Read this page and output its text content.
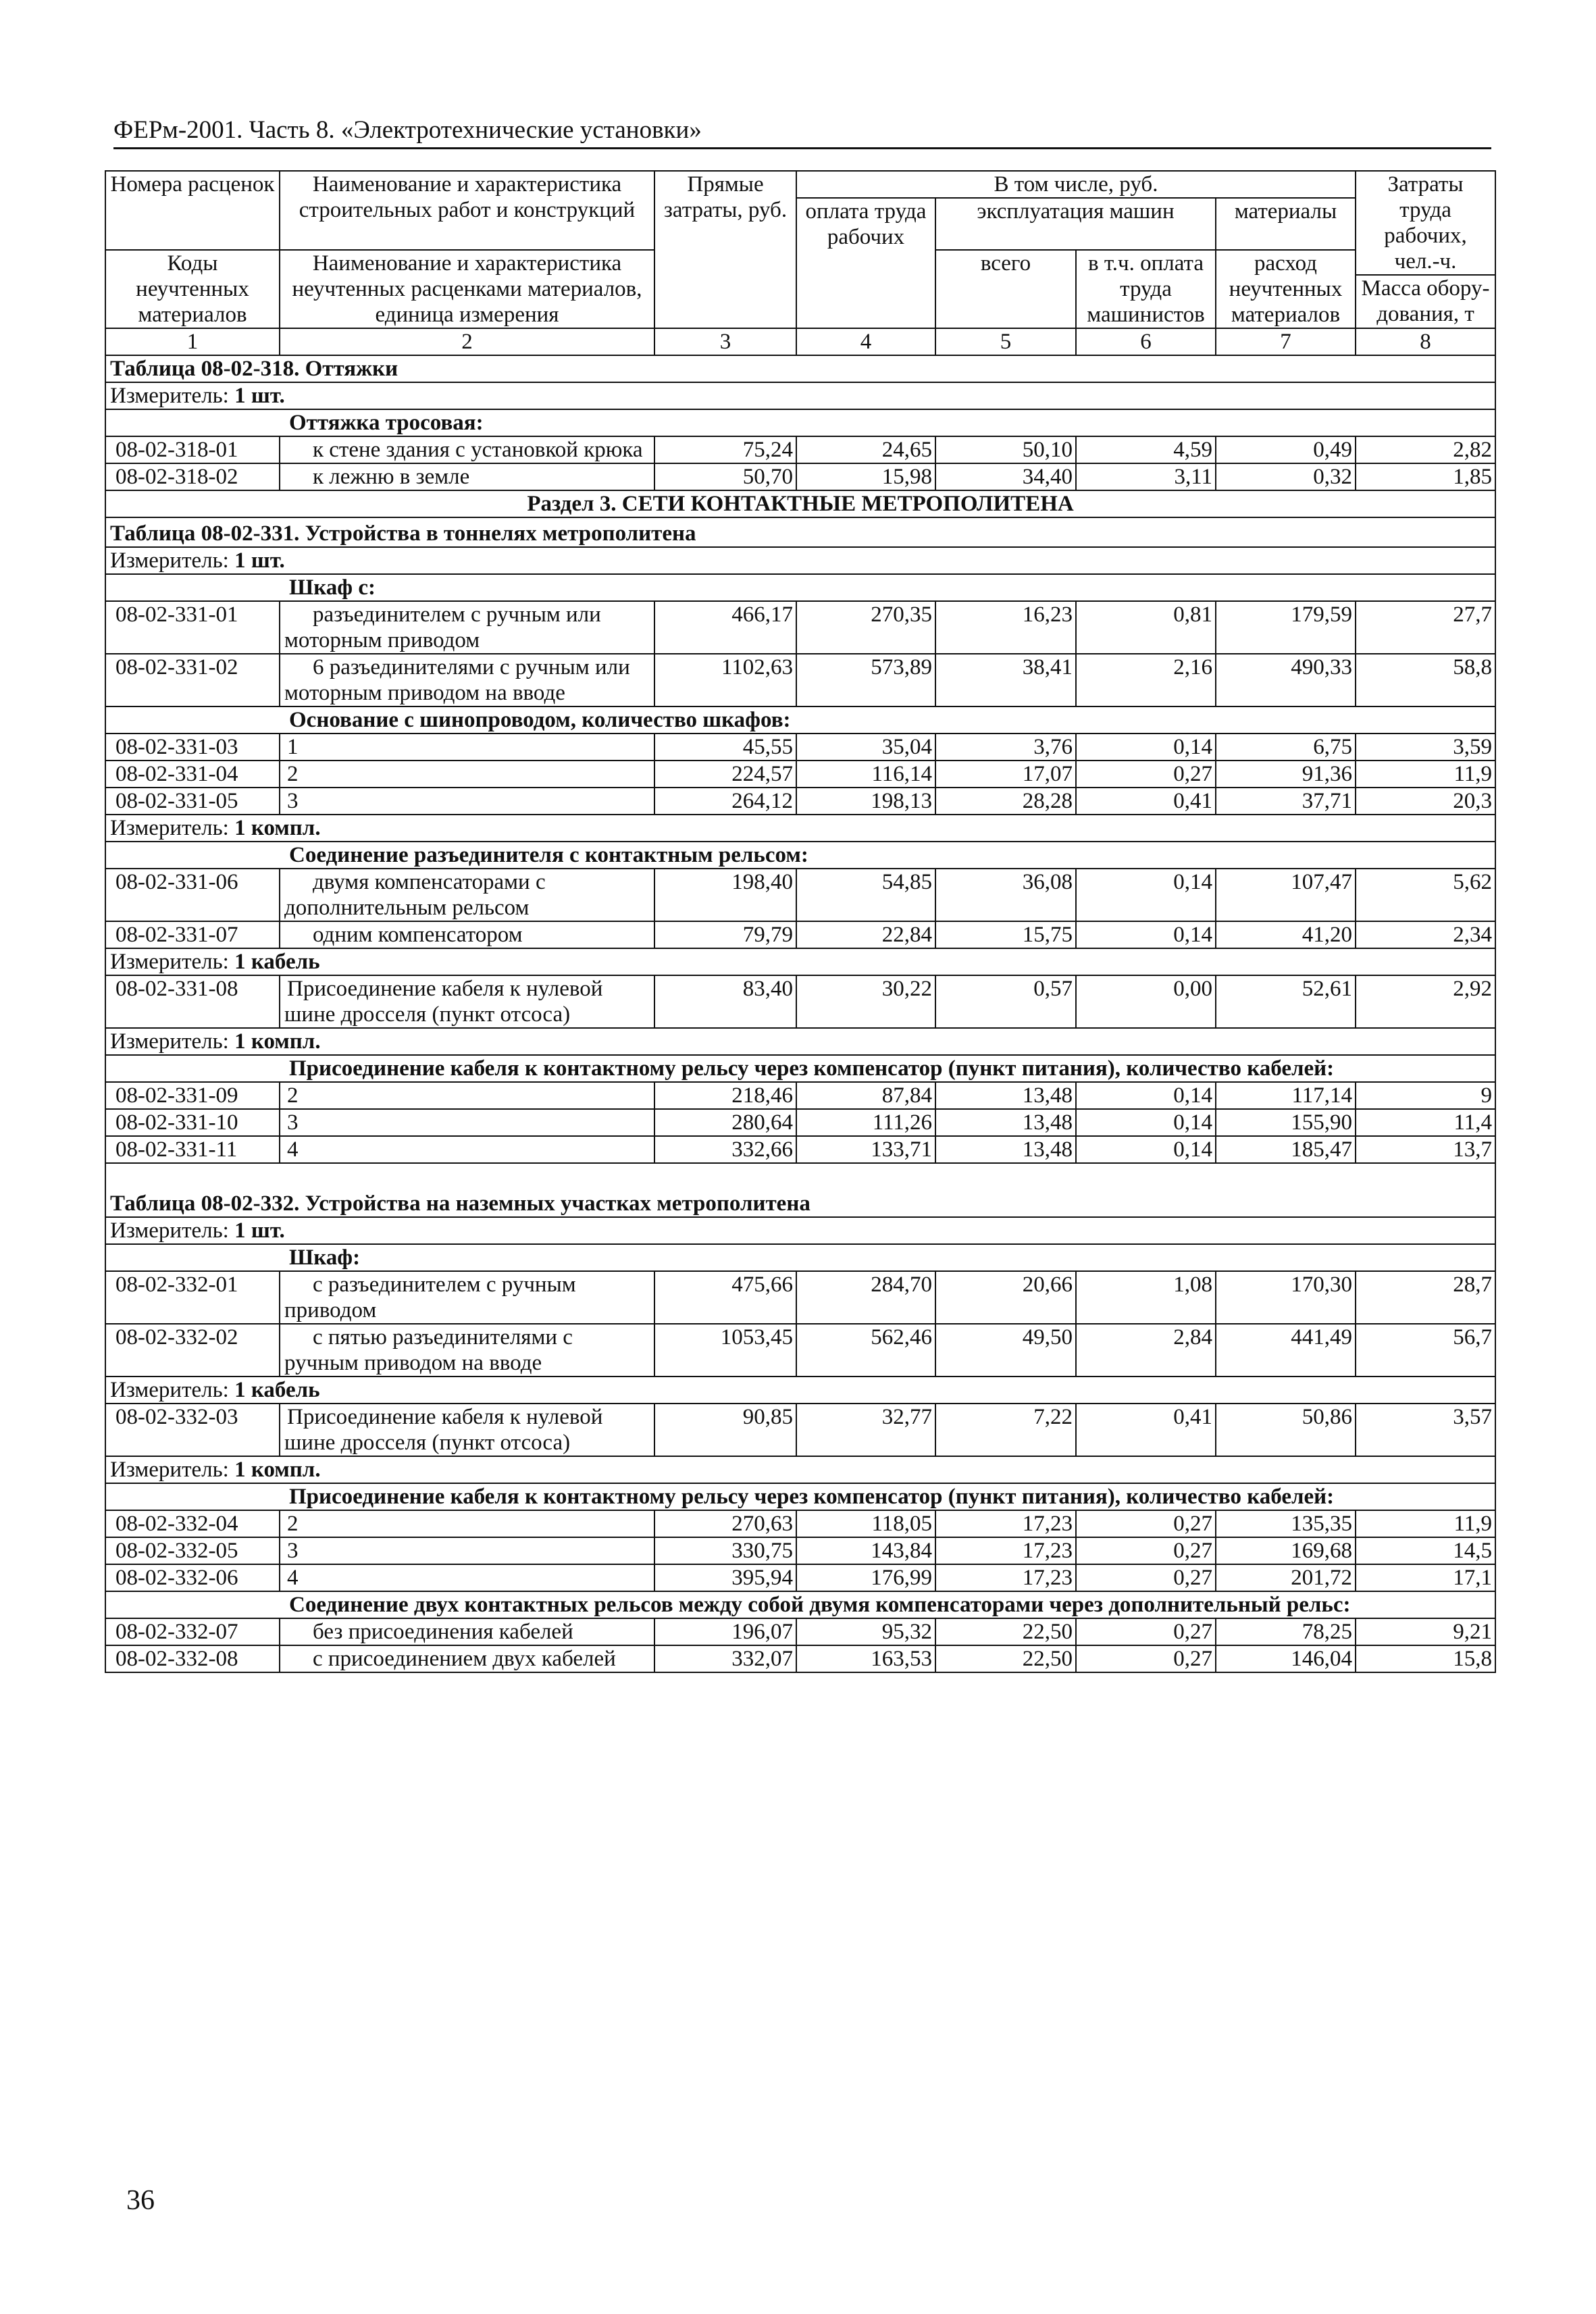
ФЕРм-2001. Часть 8. «Электротехнические установки»
Номера расценок	Наименование и характеристика строительных работ и конструкций	Прямые затраты, руб.	В том числе, руб.				Затраты труда рабочих, чел.-ч.
			оплата труда рабочих	эксплуатация машин		материалы	
Коды неучтенных материалов	Наименование и характеристика неучтенных расценками материалов, единица измерения			всего	в т.ч. оплата труда машинистов	расход неучтенных материалов	
							Масса обору-дования, т

1	2	3	4	5	6	7	8
Таблица 08-02-318. Оттяжки							
Измеритель: 1 шт.							
Оттяжка тросовая:							
08-02-318-01	к стене здания с установкой крюка	75,24	24,65	50,10	4,59	0,49	2,82
08-02-318-02	к лежню в земле	50,70	15,98	34,40	3,11	0,32	1,85
Раздел 3. СЕТИ КОНТАКТНЫЕ МЕТРОПОЛИТЕНА							
Таблица 08-02-331. Устройства в тоннелях метрополитена							
Измеритель: 1 шт.							
Шкаф с:							
08-02-331-01	разъединителем с ручным или моторным приводом	466,17	270,35	16,23	0,81	179,59	27,7
08-02-331-02	6 разъединителями с ручным или моторным приводом на вводе	1102,63	573,89	38,41	2,16	490,33	58,8
Основание с шинопроводом, количество шкафов:							
08-02-331-03	1	45,55	35,04	3,76	0,14	6,75	3,59
08-02-331-04	2	224,57	116,14	17,07	0,27	91,36	11,9
08-02-331-05	3	264,12	198,13	28,28	0,41	37,71	20,3
Измеритель: 1 компл.							
Соединение разъединителя с контактным рельсом:							
08-02-331-06	двумя компенсаторами с дополнительным рельсом	198,40	54,85	36,08	0,14	107,47	5,62
08-02-331-07	одним компенсатором	79,79	22,84	15,75	0,14	41,20	2,34
Измеритель: 1 кабель							
08-02-331-08	Присоединение кабеля к нулевой шине дросселя (пункт отсоса)	83,40	30,22	0,57	0,00	52,61	2,92
Измеритель: 1 компл.							
Присоединение кабеля к контактному рельсу через компенсатор (пункт питания), количество кабелей:							
08-02-331-09	2	218,46	87,84	13,48	0,14	117,14	9
08-02-331-10	3	280,64	111,26	13,48	0,14	155,90	11,4
08-02-331-11	4	332,66	133,71	13,48	0,14	185,47	13,7
Таблица 08-02-332. Устройства на наземных участках метрополитена							
Измеритель: 1 шт.							
Шкаф:							
08-02-332-01	с разъединителем с ручным приводом	475,66	284,70	20,66	1,08	170,30	28,7
08-02-332-02	с пятью разъединителями с ручным приводом на вводе	1053,45	562,46	49,50	2,84	441,49	56,7
Измеритель: 1 кабель							
08-02-332-03	Присоединение кабеля к нулевой шине дросселя (пункт отсоса)	90,85	32,77	7,22	0,41	50,86	3,57
Измеритель: 1 компл.							
Присоединение кабеля к контактному рельсу через компенсатор (пункт питания), количество кабелей:							
08-02-332-04	2	270,63	118,05	17,23	0,27	135,35	11,9
08-02-332-05	3	330,75	143,84	17,23	0,27	169,68	14,5
08-02-332-06	4	395,94	176,99	17,23	0,27	201,72	17,1
Соединение двух контактных рельсов между собой двумя компенсаторами через дополнительный рельс:							
08-02-332-07	без присоединения кабелей	196,07	95,32	22,50	0,27	78,25	9,21
08-02-332-08	с присоединением двух кабелей	332,07	163,53	22,50	0,27	146,04	15,8
36
